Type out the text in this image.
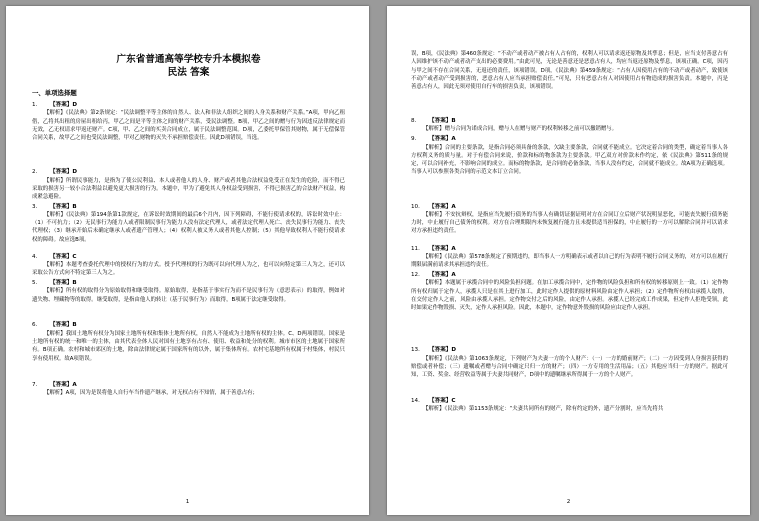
广东省普通高等学校专升本模拟卷
民法 答案
一、单项选择题
1． 【答案】D
【解析】《民法典》第2条规定：“民法调整平等主体的自然人、法人和非法人组织之间的人身关系和财产关系。”A项，甲向乙租借，乙将其出租的房屋出租给丙，甲乙之间是平等主体之间的财产关系，受民法调整。B项，甲乙之间的赠与行为因违反法律规定而无效，乙无权请求甲返还财产。C项，甲、乙之间的买卖合同成立，属于民法调整范围。D项，乙委托甲保管其财物，属于无偿保管合同关系，故甲乙之间也受民法调整，甲对乙财物的灭失不承担赔偿责任。因此D项错误，当选。
2． 【答案】D
【解析】所谓民事能力，是指为了使公民利益、本人或者他人的人身、财产或者其他合法权益免受正在发生的危险，而不得已采取的损害另一较小合法利益以避免更大损害的行为。本题中，甲为了避免其人身权益受到损害，不得已损害乙的合法财产权益，构成紧急避险。
3． 【答案】B
【解析】《民法典》第194条第1款规定，在诉讼时效期间的最后6个月内，因下列障碍，不能行使请求权的，诉讼时效中止：（1）不可抗力；（2）无民事行为能力人或者限制民事行为能力人没有法定代理人，或者法定代理人死亡、丧失民事行为能力、丧失代理权；（3）继承开始后未确定继承人或者遗产管理人；（4）权利人被义务人或者其他人控制；（5）其他导致权利人不能行使请求权的障碍。故应选B项。
4． 【答案】C
【解析】本题考查委托代理中的授权行为的方式。授予代理权的行为既可以向代理人为之，也可以向特定第三人为之，还可以采取公告方式向不特定第三人为之。
5． 【答案】B
【解析】所有权的取得分为原始取得和继受取得。原始取得，是指基于事实行为而不是民事行为（意思表示）的取得，例如对遗失物、埋藏物等的取得。继受取得，是指由他人的转让（基于民事行为）而取得，B项属于法定继受取得。
6． 【答案】B
【解析】我国土地所有权分为国家土地所有权和集体土地所有权，自然人不能成为土地所有权的主体。C、D两项错误。国家是土地所有权的统一和唯一的主体，由其代表全体人民对国有土地享有占有、使用、收益和处分的权利。城市市区的土地属于国家所有。B项正确。农村和城市郊区的土地，除由法律规定属于国家所有的以外，属于集体所有。农村宅基地所有权属于村集体，村民只享有使用权。故A项错误。
7． 【答案】A
【解析】A项，因为是误将他人自行车当作遗产继承，对无权占有不知情，属于善意占有；
1
误，B项，《民法典》第460条规定：“不动产或者动产被占有人占有的，权利人可以请求返还原物及其孳息；但是，应当支付善意占有人因维护该不动产或者动产支出的必要费用。”由此可见，无论是善意还是恶意占有人，均应当返还原物及孳息，该项正确。C项，因丙与甲之间不存在合同关系，无返还的责任，该项错误。D项，《民法典》第459条规定：“占有人因使用占有的不动产或者动产，致使该不动产或者动产受到损害的，恶意占有人应当承担赔偿责任。”可见，只有恶意占有人对因使用占有物造成的损害负责。本题中，丙是善意占有人，因此无须对使用自行车的损害负责，该项错误。
8． 【答案】B
【解析】赠与合同为诺成合同，赠与人在赠与财产的权利转移之前可以撤销赠与。
9． 【答案】A
【解析】合同的主要条款，是指合同必须具备的条款，欠缺主要条款，合同就不能成立。它决定着合同的类型，确定着当事人各方权利义务的质与量。对于有偿合同来说，价款和标的物条款为主要条款。甲乙双方对价款未作约定，依《民法典》第511条的规定，可以合同补充，不影响合同的成立。而标的物条款，是合同的必备条款，当事人没有约定，合同就不能成立。故A项为正确选项。当事人可以参照各类合同的示范文本订立合同。
10． 【答案】A
【解析】不安抗辩权，是指应当先履行债务的当事人有确切证据证明对方在合同订立后财产状况明显恶化，可能丧失履行债务能力时，中止履行自己债务的权利。对方在合理期限内未恢复履行能力且未提供适当担保的，中止履行的一方可以解除合同并可以请求对方承担违约责任。
11． 【答案】A
【解析】《民法典》第578条规定了预期违约，即当事人一方明确表示或者以自己的行为表明不履行合同义务的，对方可以在履行期限届满前请求其承担违约责任。
12． 【答案】A
【解析】本题属于承揽合同中的风险负担问题。在加工承揽合同中，定作物的风险负担和所有权的转移原则上一致。（1）定作物所有权归属于定作人，承揽人只是在其上进行加工，此时定作人提供的原材料风险由定作人承担；（2）定作物所有权由承揽人取得，在交付定作人之前，风险由承揽人承担。定作物交付之后的风险，由定作人承担。承揽人已经完成工作成果，但定作人拒绝受领，此时如果定作物毁损、灭失，定作人承担风险。因此，本题中，定作物意外毁损的风险应由定作人承担。
13． 【答案】D
【解析】《民法典》第1063条规定，下列财产为夫妻一方的个人财产：（一）一方的婚前财产；（二）一方因受到人身损害获得的赔偿或者补偿；（三）遗嘱或者赠与合同中确定只归一方的财产；（四）一方专用的生活用品；（五）其他应当归一方的财产。据此可知，工资、奖金、经营收益等属于夫妻共同财产，D项中的遗嘱继承所得属于一方的个人财产。
14． 【答案】C
【解析】《民法典》第1153条规定：“夫妻共同所有的财产，除有约定的外，遗产分割时，应当先将共
2
